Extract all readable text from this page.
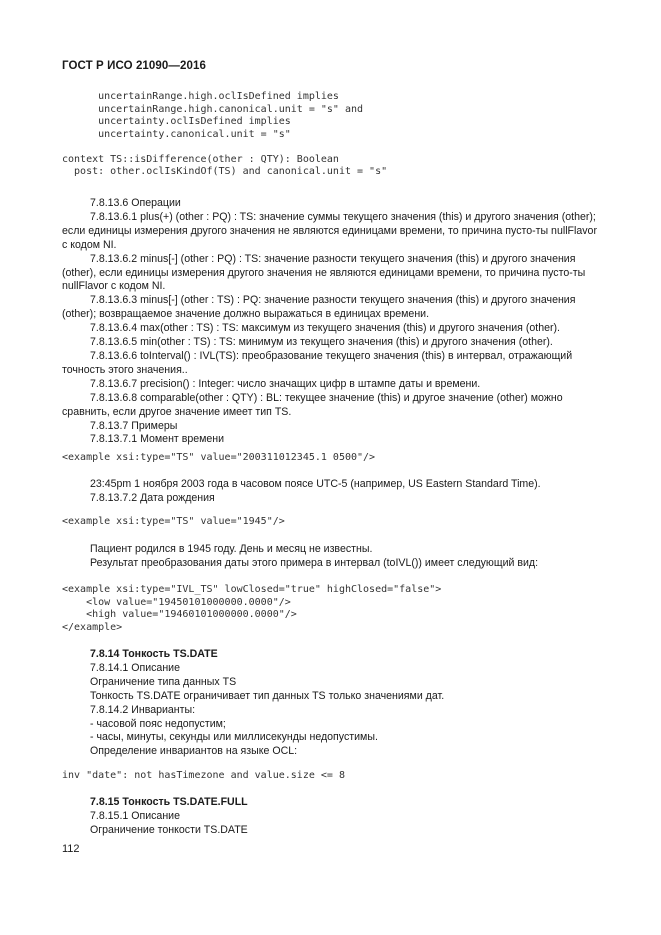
ГОСТ Р ИСО 21090—2016
uncertainRange.high.oclIsDefined implies
uncertainRange.high.canonical.unit = "s" and
uncertainty.oclIsDefined implies
uncertainty.canonical.unit = "s"

context TS::isDifference(other : QTY): Boolean
post: other.oclIsKindOf(TS) and canonical.unit = "s"

7.8.13.6 Операции

7.8.13.6.1 plus(+) (other : PQ) : TS: значение суммы текущего значения (this) и другого значения (other); если единицы измерения другого значения не являются единицами времени, то причина пусто-ты nullFlavor с кодом NI.

7.8.13.6.2 minus[-] (other : PQ) : TS: значение разности текущего значения (this) и другого значения (other), если единицы измерения другого значения не являются единицами времени, то причина пусто-ты nullFlavor с кодом NI.

7.8.13.6.3 minus[-] (other : TS) : PQ: значение разности текущего значения (this) и другого значения (other); возвращаемое значение должно выражаться в единицах времени.

7.8.13.6.4 max(other : TS) : TS: максимум из текущего значения (this) и другого значения (other).

7.8.13.6.5 min(other : TS) : TS: минимум из текущего значения (this) и другого значения (other).

7.8.13.6.6 toInterval() : IVL(TS): преобразование текущего значения (this) в интервал, отражающий точность этого значения..

7.8.13.6.7 precision() : Integer: число значащих цифр в штампе даты и времени.

7.8.13.6.8 comparable(other : QTY) : BL: текущее значение (this) и другое значение (other) можно сравнить, если другое значение имеет тип TS.

7.8.13.7 Примеры

7.8.13.7.1 Момент времени

<example xsi:type="TS" value="200311012345.1 0500"/>

23:45pm 1 ноября 2003 года в часовом поясе UTC-5 (например, US Eastern Standard Time).

7.8.13.7.2 Дата рождения

<example xsi:type="TS" value="1945"/>

Пациент родился в 1945 году. День и месяц не известны.

Результат преобразования даты этого примера в интервал (toIVL()) имеет следующий вид:

<example xsi:type="IVL_TS" lowClosed="true" highClosed="false">
<low value="19450101000000.0000"/>
<high value="19460101000000.0000"/>
</example>

7.8.14 Тонкость TS.DATE

7.8.14.1 Описание

Ограничение типа данных TS

Тонкость TS.DATE ограничивает тип данных TS только значениями дат.

7.8.14.2 Инварианты:

- часовой пояс недопустим;

- часы, минуты, секунды или миллисекунды недопустимы.

Определение инвариантов на языке OCL:

inv "date": not hasTimezone and value.size <= 8

7.8.15 Тонкость TS.DATE.FULL

7.8.15.1 Описание

Ограничение тонкости TS.DATE

112
